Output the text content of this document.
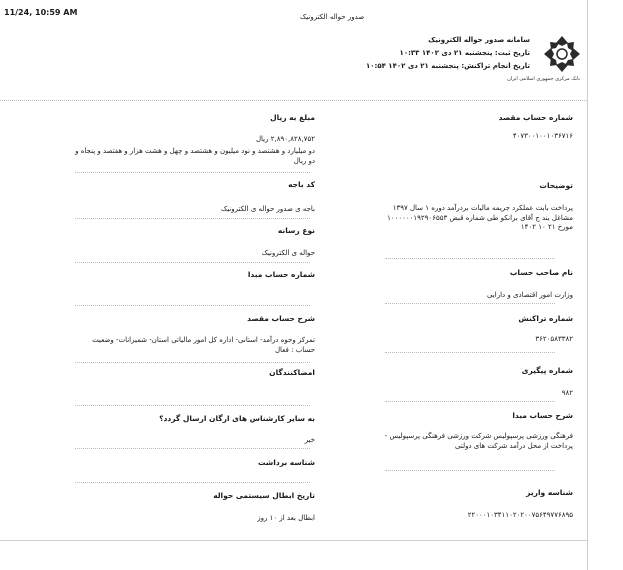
11/24, 10:59 AM	صدور حواله الکترونیک
بانک مرکزی جمهوری اسلامی ایران
سامانه صدور حواله الکترونیک
تاریخ ثبت: پنجشنبه ۲۱ دی ۱۴۰۲ ۱۰:۳۳
تاریخ انجام تراکنش: پنجشنبه ۲۱ دی ۱۴۰۲ ۱۰:۵۴
شماره حساب مقصد
۴۰۷۳۰۰۱۰۰۱۰۳۶۷۱۶
توضیحات
پرداخت بابت عملکرد جریمه مالیات بردرآمد دوره ۱ سال ۱۳۹۷ مشاغل بند ج آقای برانکو طی شماره قبض ۱۰۰۰۰۰۰۱۹۲۹۰۶۵۵۳ مورخ ۲۱ ۱۰ ۱۴۰۲
نام صاحب حساب
وزارت امور اقتصادی و دارایی
شماره تراکنش
۳۶۲۰۵۸۳۳۸۲
شماره پیگیری
۹۸۲
شرح حساب مبدا
فرهنگی ورزشی پرسپولیس شرکت ورزشی فرهنگی پرسپولیس - پرداخت از محل درآمد شرکت های دولتی
شناسه واریز
۲۲۰۰۰۱۰۳۴۱۱۰۲۰۲۰۰۷۵۶۴۹۷۷۶۸۹۵
مبلغ به ریال
۲,۸۹۰,۸۲۸,۷۵۲ ریال
دو میلیارد و هشتصد و نود میلیون و هشتصد و چهل و هشت هزار و هفتصد و پنجاه و دو ریال
کد باجه
باجه ی صدور حواله ی الکترونیک
نوع رسانه
حواله ی الکترونیک
شماره حساب مبدا
شرح حساب مقصد
تمرکز وجوه درآمد- استانی- اداره کل امور مالیاتی استان- شمیرانات- وضعیت حساب : فعال
امضاکنندگان
به سایر کارشناس های ارگان ارسال گردد؟
خیر
شناسه برداشت
تاریخ ابطال سیستمی حواله
ابطال بعد از ۱۰ روز
